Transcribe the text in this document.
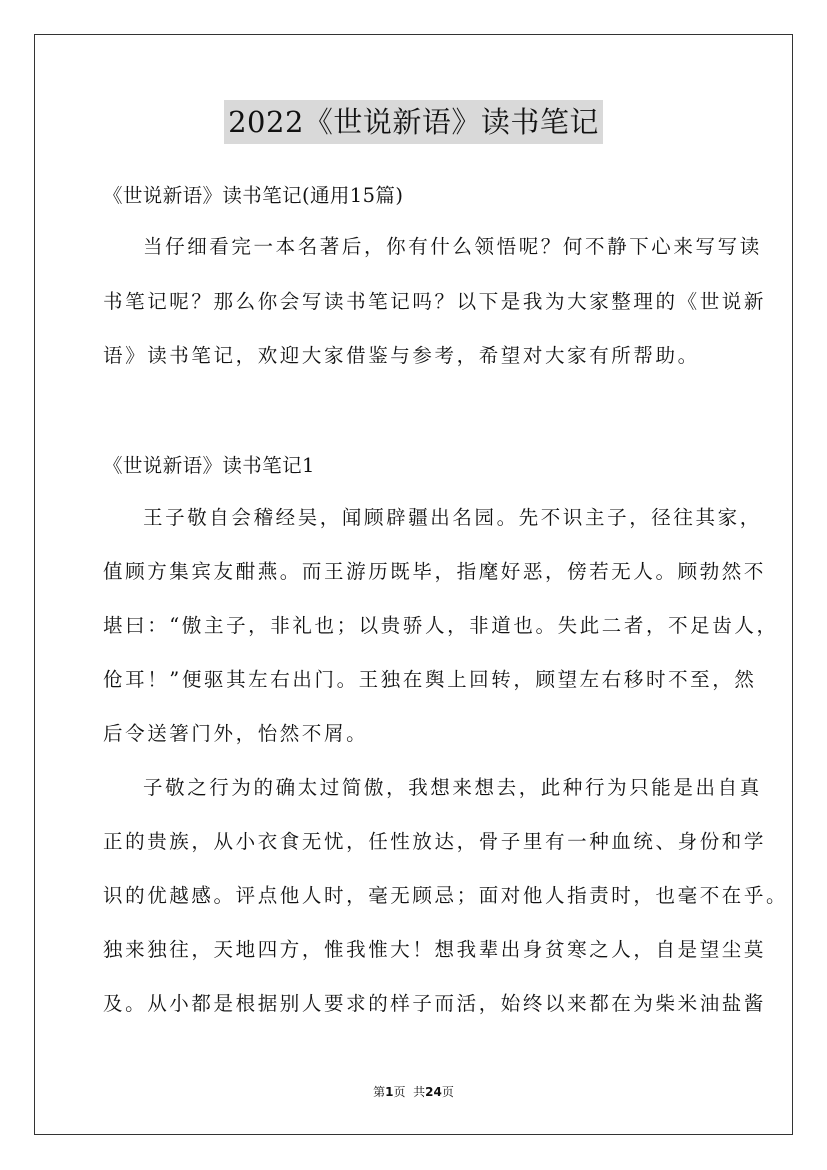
2022《世说新语》读书笔记
《世说新语》读书笔记(通用15篇)
当仔细看完一本名著后，你有什么领悟呢？何不静下心来写写读
书笔记呢？那么你会写读书笔记吗？以下是我为大家整理的《世说新
语》读书笔记，欢迎大家借鉴与参考，希望对大家有所帮助。
《世说新语》读书笔记1
王子敬自会稽经吴，闻顾辟疆出名园。先不识主子，径往其家，
值顾方集宾友酣燕。而王游历既毕，指麾好恶，傍若无人。顾勃然不
堪曰：“傲主子，非礼也；以贵骄人，非道也。失此二者，不足齿人，
伧耳！”便驱其左右出门。王独在舆上回转，顾望左右移时不至，然
后令送箸门外，怡然不屑。
子敬之行为的确太过简傲，我想来想去，此种行为只能是出自真
正的贵族，从小衣食无忧，任性放达，骨子里有一种血统、身份和学
识的优越感。评点他人时，毫无顾忌；面对他人指责时，也毫不在乎。
独来独往，天地四方，惟我惟大！想我辈出身贫寒之人，自是望尘莫
及。从小都是根据别人要求的样子而活，始终以来都在为柴米油盐酱
第1页  共24页
